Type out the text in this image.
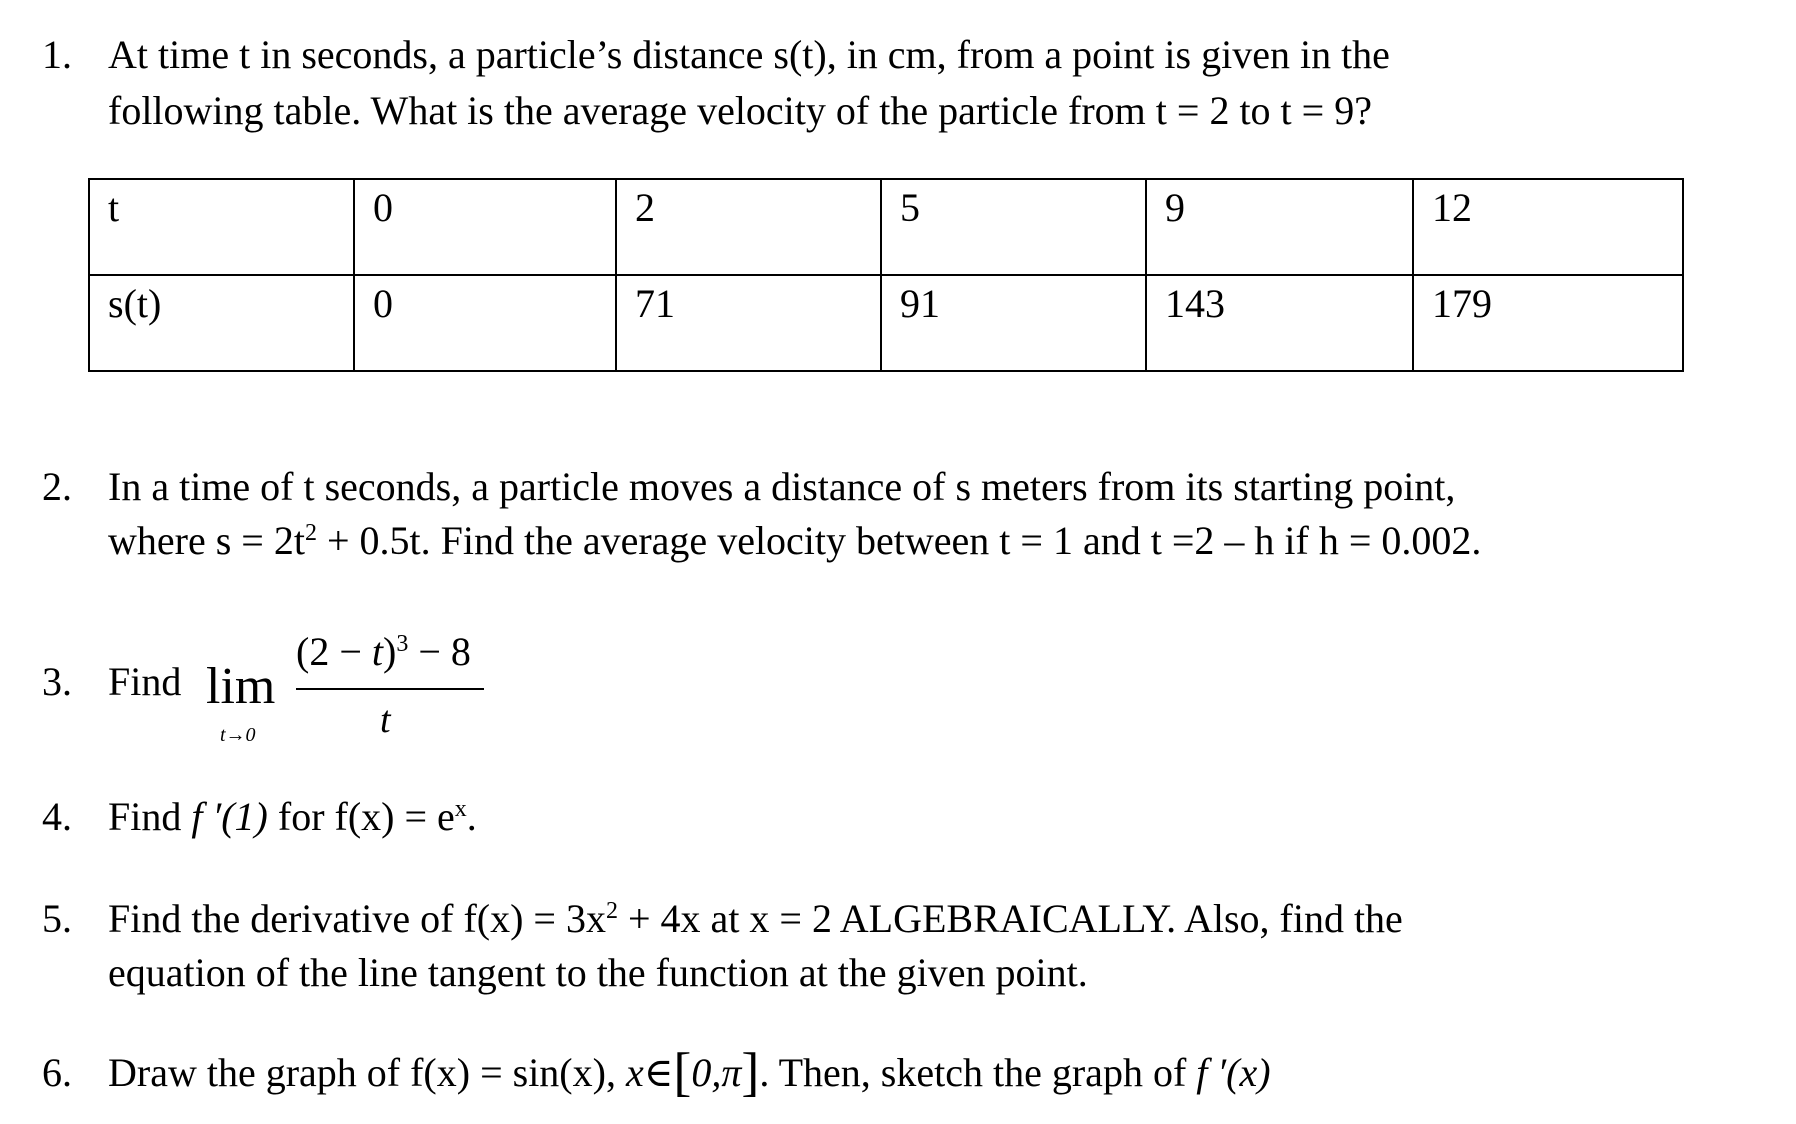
1. At time t in seconds, a particle’s distance s(t), in cm, from a point is given in the
following table. What is the average velocity of the particle from t = 2 to t = 9?
t	0	2	5	9	12
s(t)	0	71	91	143	179
2. In a time of t seconds, a particle moves a distance of s meters from its starting point,
where $s = 2t^2 + 0.5t$. Find the average velocity between t = 1 and t =2 – h if h = 0.002.
3. Find lim
t→0
$(2 - t)^3 - 8$
t
4. Find f ′(1) for $f(x) = e^x$.
5. Find the derivative of $f(x) = 3x^2 + 4x$ at x = 2 ALGEBRAICALLY. Also, find the
equation of the line tangent to the function at the given point.
6. Draw the graph of f(x) = sin(x), x∈[0,π]. Then, sketch the graph of f ′(x)
